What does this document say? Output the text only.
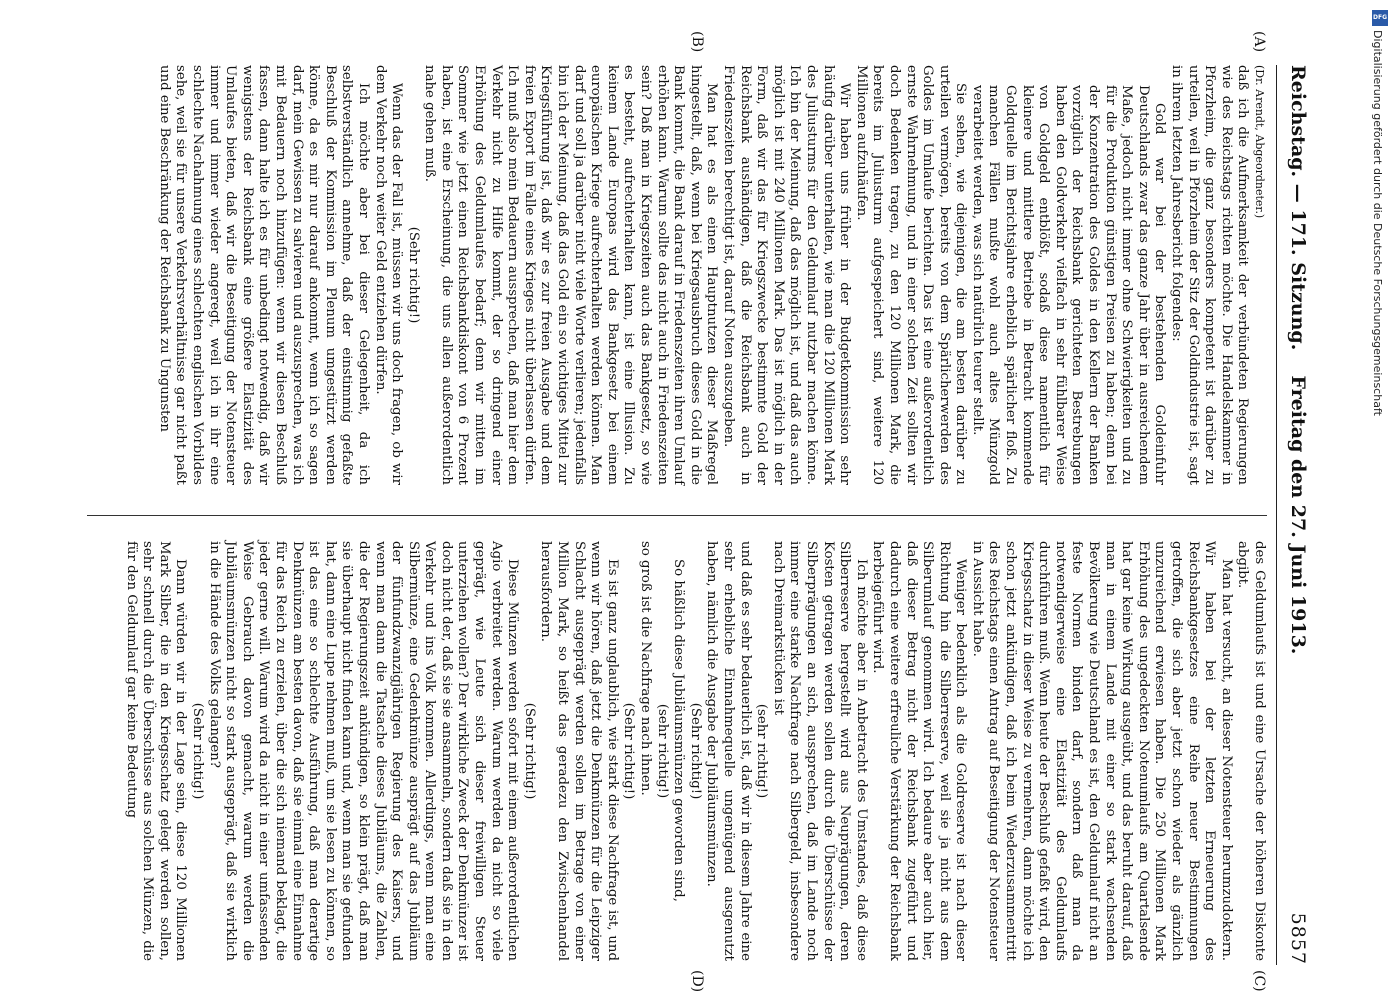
DFG
Digitalisierung gefördert durch die Deutsche Forschungsgemeinschaft
Freitag den 27. Juni 1913.
Reichstag. — 171. Sitzung.
5857
(A)
(B)
(C)
(D)

(Dr. Arendt, Abgeordneter.)

daß ich die Aufmerksamkeit der verbündeten Regierungen wie des Reichstags richten möchte. Die Handelskammer in Pforzheim, die ganz besonders kompetent ist darüber zu urteilen, weil in Pforzheim der Sitz der Goldindustrie ist, sagt in ihrem letzten Jahresbericht folgendes:

Gold war bei der bestehenden Goldeinfuhr Deutschlands zwar das ganze Jahr über in ausreichendem Maße, jedoch nicht immer ohne Schwierigkeiten und zu für die Produktion günstigen Preisen zu haben; denn bei der Konzentration des Goldes in den Kellern der Banken vorzüglich der Reichsbank gerichteten Bestrebungen haben den Goldverkehr vielfach in sehr fühlbarer Weise von Goldgeld entblößt, sodaß diese namentlich für kleinere und mittlere Betriebe in Betracht kommende Goldquelle im Berichtsjahre erheblich spärlicher floß. Zu manchen Fällen mußte wohl auch altes Münzgold verarbeitet werden, was sich natürlich teurer stellt.

Sie sehen, wie diejenigen, die am besten darüber zu urteilen vermögen, bereits von dem Spärlicherwerden des Goldes im Umlaufe berichten. Das ist eine außerordentlich ernste Wahrnehmung, und in einer solchen Zeit sollten wir doch Bedenken tragen, zu den 120 Millionen Mark, die bereits im Juliusturm aufgespeichert sind, weitere 120 Millionen aufzuhäufen.

Wir haben uns früher in der Budgetkommission sehr häufig darüber unterhalten, wie man die 120 Millionen Mark des Juliusturms für den Geldumlauf nutzbar machen könne. Ich bin der Meinung, daß das möglich ist, und daß das auch möglich ist mit 240 Millionen Mark. Das ist möglich in der Form, daß wir das für Kriegszwecke bestimmte Gold der Reichsbank aushändigen, daß die Reichsbank auch in Friedenszeiten berechtigt ist, darauf Noten auszugeben.

Man hat es als einen Hauptnutzen dieser Maßregel hingestellt, daß, wenn bei Kriegsausbruch dieses Gold in die Bank kommt, die Bank darauf in Friedenszeiten ihren Umlauf erhöhen kann. Warum sollte das nicht auch in Friedenszeiten sein? Daß man in Kriegszeiten auch das Bankgesetz, so wie es besteht, aufrechterhalten kann, ist eine Illusion. Zu keinem Lande Europas wird das Bankgesetz bei einem europäischen Kriege aufrechterhalten werden können. Man darf und soll ja darüber nicht viele Worte verlieren; jedenfalls bin ich der Meinung, daß das Gold ein so wichtiges Mittel zur Kriegsführung ist, daß wir es zur freien Ausgabe und dem freien Export im Falle eines Krieges nicht überlassen dürfen. Ich muß also mein Bedauern aussprechen, daß man hier dem Verkehr nicht zu Hilfe kommt, der so dringend einer Erhöhung des Geldumlaufes bedarf; denn wir mitten im Sommer wie jetzt einen Reichsbankdiskont von 6 Prozent haben, ist eine Erscheinung, die uns allen außerordentlich nahe gehen muß.

(Sehr richtig!)

Wenn das der Fall ist, müssen wir uns doch fragen, ob wir dem Verkehr noch weiter Geld entziehen dürfen.

Ich möchte aber bei dieser Gelegenheit, da ich selbstverständlich annehme, daß der einstimmig gefaßte Beschluß der Kommission im Plenum umgestürzt werden könne, da es mir nur darauf ankommt, wenn ich so sagen darf, mein Gewissen zu salvieren und auszusprechen, was ich mit Bedauern noch hinzufügen: wenn wir diesen Beschluß fassen, dann halte ich es für unbedingt notwendig, daß wir wenigstens der Reichsbank eine größere Elastizität des Umlaufes bieten, daß wir die Beseitigung der Notensteuer immer und immer wieder angeregt, weil ich in ihr eine schlechte Nachahmung eines schlechten englischen Vorbildes sehe, weil sie für unsere Verkehrsverhältnisse gar nicht paßt und eine Beschränkung der Reichsbank zu Ungunsten

des Geldumlaufs ist und eine Ursache der höheren Diskonte abgibt.

Man hat versucht, an dieser Notensteuer herumzudoktern. Wir haben bei der letzten Erneuerung des Reichsbankgesetzes eine Reihe neuer Bestimmungen getroffen, die sich aber jetzt schon wieder als gänzlich unzureichend erwiesen haben. Die 250 Millionen Mark Erhöhung des ungedeckten Notenumlaufs am Quartalsende hat gar keine Wirkung ausgeübt, und das beruht darauf, daß man in einem Lande mit einer so stark wachsenden Bevölkerung wie Deutschland es ist, den Geldumlauf nicht an feste Normen binden darf, sondern daß man da notwendigerweise eine Elastizität des Geldumlaufs durchführen muß. Wenn heute der Beschluß gefaßt wird, den Kriegsschatz in dieser Weise zu vermehren, dann möchte ich schon jetzt ankündigen, daß ich beim Wiederzusammentritt des Reichstags einen Antrag auf Beseitigung der Notensteuer in Aussicht habe.

Weniger bedenklich als die Goldreserve ist nach dieser Richtung hin die Silberreserve, weil sie ja nicht aus dem Silberumlauf genommen wird. Ich bedaure aber auch hier, daß dieser Betrag nicht der Reichsbank zugeführt und dadurch eine weitere erfreuliche Verstärkung der Reichsbank herbeigeführt wird.

Ich möchte aber in Anbetracht des Umstandes, daß diese Silberreserve hergestellt wird aus Neuprägungen, deren Kosten getragen werden sollen durch die Überschüsse der Silberprägungen an sich, aussprechen, daß im Lande noch immer eine starke Nachfrage nach Silbergeld, insbesondere nach Dreimarkstücken ist

(sehr richtig!)

und daß es sehr bedauerlich ist, daß wir in diesem Jahre eine sehr erhebliche Einnahmequelle ungenügend ausgenutzt haben, nämlich die Ausgabe der Jubiläumsmünzen.

(Sehr richtig!)

So häßlich diese Jubiläumsmünzen geworden sind,

(sehr richtig!)

so groß ist die Nachfrage nach ihnen.

(Sehr richtig!)

Es ist ganz unglaublich, wie stark diese Nachfrage ist, und wenn wir hören, daß jetzt die Denkmünzen für die Leipziger Schlacht ausgeprägt werden sollen im Betrage von einer Million Mark, so heißt das geradezu den Zwischenhandel herausfordern.

(Sehr richtig!)

Diese Münzen werden sofort mit einem außerordentlichen Agio verbreitet werden. Warum werden da nicht so viele geprägt, wie Leute sich dieser freiwilligen Steuer unterziehen wollen? Der wirkliche Zweck der Denkmünzer ist doch nicht der, daß sie sie ansammeln, sondern daß sie in den Verkehr und ins Volk kommen. Allerdings, wenn man eine Silbermünze, eine Gedenkmünze ausprägt auf das Jubiläum der fünfundzwanzigjährigen Regierung des Kaisers, und wenn man dann die Tatsache dieses Jubiläums, die Zahlen, die der Regierungszeit ankündigen, so klein prägt, daß man sie überhaupt nicht finden kann und, wenn man sie gefunden hat, dann eine Lupe nehmen muß, um sie lesen zu können, so ist das eine so schlechte Ausführung, daß man derartige Denkmünzen am besten davon, daß sie einmal eine Einnahme für das Reich zu erzielen, über die sich niemand beklagt, die jeder gerne will. Warum wird da nicht in einer umfassenden Weise Gebrauch davon gemacht, warum werden die Jubiläumsmünzen nicht so stark ausgeprägt, daß sie wirklich in die Hände des Volks gelangen?

(Sehr richtig!)

Dann würden wir in der Lage sein, diese 120 Millionen Mark Silber, die in den Kriegsschatz gelegt werden sollen, sehr schnell durch die Überschüsse aus solchen Münzen, die für den Geldumlauf gar keine Bedeutung
